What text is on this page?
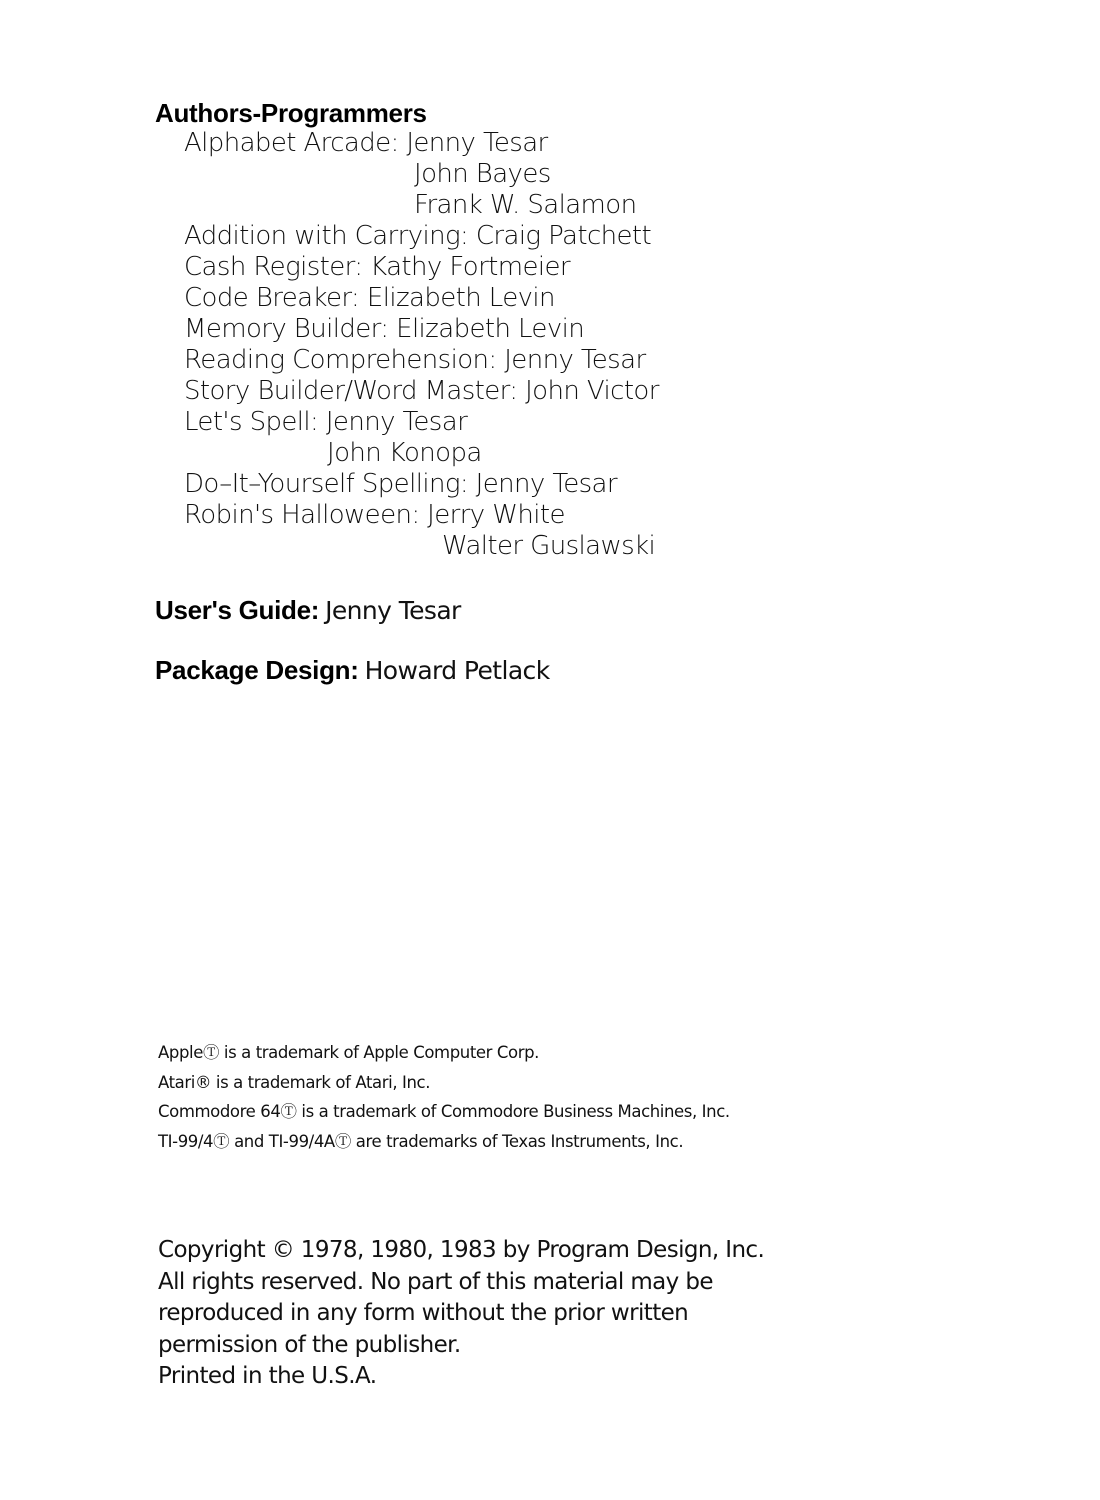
Authors-Programmers
Alphabet Arcade: Jenny Tesar
John Bayes
Frank W. Salamon
Addition with Carrying: Craig Patchett
Cash Register: Kathy Fortmeier
Code Breaker: Elizabeth Levin
Memory Builder: Elizabeth Levin
Reading Comprehension: Jenny Tesar
Story Builder/Word Master: John Victor
Let's Spell: Jenny Tesar
John Konopa
Do–It–Yourself Spelling: Jenny Tesar
Robin's Halloween: Jerry White
Walter Guslawski
User's Guide: Jenny Tesar
Package Design: Howard Petlack
AppleⓉ is a trademark of Apple Computer Corp.
Atari® is a trademark of Atari, Inc.
Commodore 64Ⓣ is a trademark of Commodore Business Machines, Inc.
TI-99/4Ⓣ and TI-99/4AⓉ are trademarks of Texas Instruments, Inc.
Copyright © 1978, 1980, 1983 by Program Design, Inc.
All rights reserved. No part of this material may be
reproduced in any form without the prior written
permission of the publisher.
Printed in the U.S.A.
